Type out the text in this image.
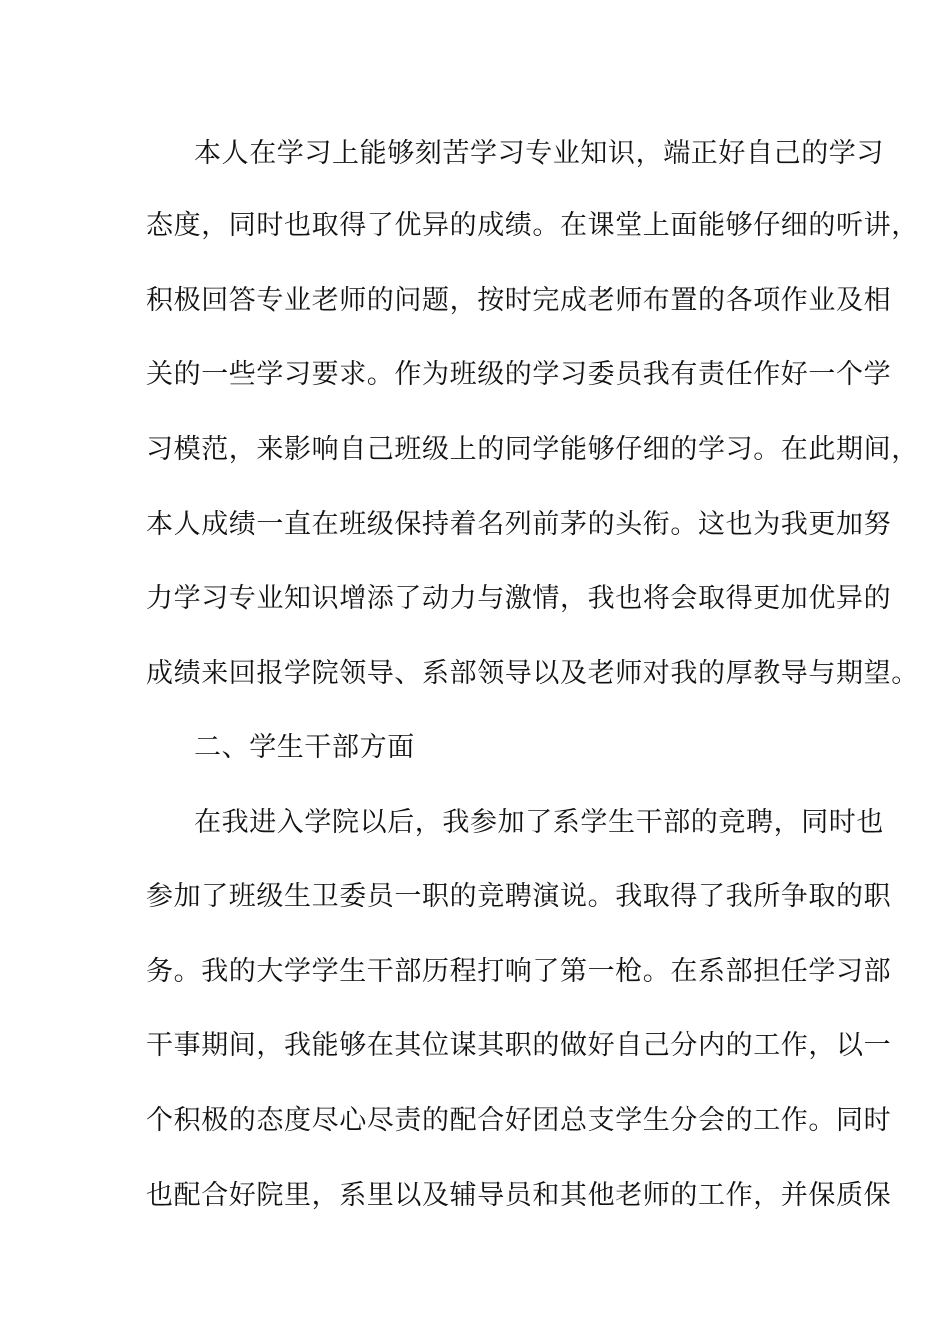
本人在学习上能够刻苦学习专业知识，端正好自己的学习
态度，同时也取得了优异的成绩。在课堂上面能够仔细的听讲，
积极回答专业老师的问题，按时完成老师布置的各项作业及相
关的一些学习要求。作为班级的学习委员我有责任作好一个学
习模范，来影响自己班级上的同学能够仔细的学习。在此期间，
本人成绩一直在班级保持着名列前茅的头衔。这也为我更加努
力学习专业知识增添了动力与激情，我也将会取得更加优异的
成绩来回报学院领导、系部领导以及老师对我的厚教导与期望。
二、学生干部方面
在我进入学院以后，我参加了系学生干部的竞聘，同时也
参加了班级生卫委员一职的竞聘演说。我取得了我所争取的职
务。我的大学学生干部历程打响了第一枪。在系部担任学习部
干事期间，我能够在其位谋其职的做好自己分内的工作，以一
个积极的态度尽心尽责的配合好团总支学生分会的工作。同时
也配合好院里，系里以及辅导员和其他老师的工作，并保质保
